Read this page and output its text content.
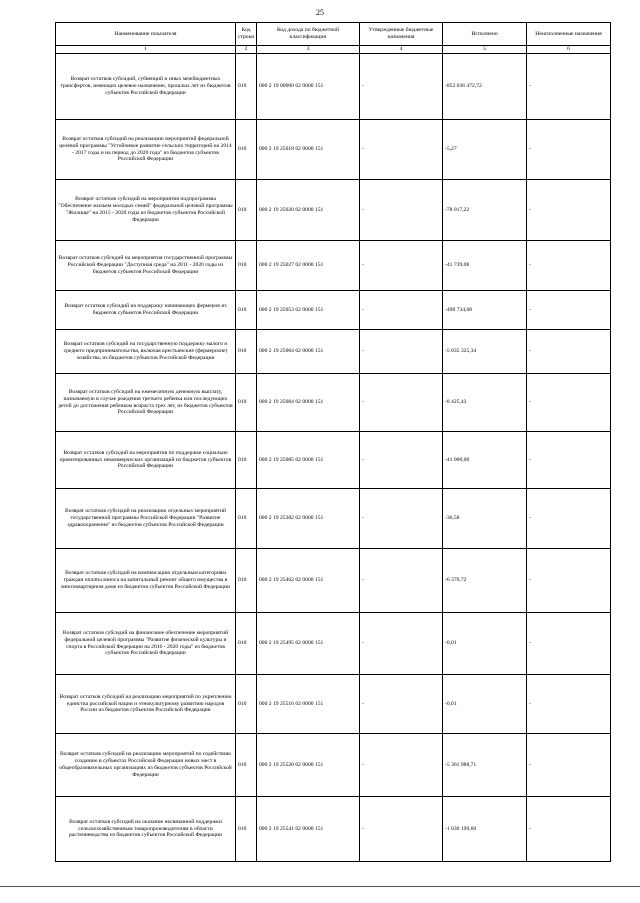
25
Наименование показателя	Код строки	Код дохода по бюджетной классификации	Утвержденные бюджетные назначения	Исполнено	Неисполненные назначения
1	2	3	4	5	6
Возврат остатков субсидий, субвенций и иных межбюджетных трансфертов, имеющих целевое назначение, прошлых лет из бюджетов субъектов Российской Федерации	010	000 2 19 00000 02 0000 151	-	-852 036 472,72	-
Возврат остатков субсидий на реализацию мероприятий федеральной целевой программы "Устойчивое развитие сельских территорий на 2014 - 2017 годы и на период до 2020 года" из бюджетов субъектов Российской Федерации	010	000 2 19 25018 02 0000 151	-	-5,27	-
Возврат остатков субсидий на мероприятия подпрограммы "Обеспечение жильем молодых семей" федеральной целевой программы "Жилище" на 2015 - 2020 годы из бюджетов субъектов Российской Федерации	010	000 2 19 25020 02 0000 151	-	-78 017,22	-
Возврат остатков субсидий на мероприятия государственной программы Российской Федерации "Доступная среда" на 2011 - 2020 годы из бюджетов субъектов Российской Федерации	010	000 2 19 25027 02 0000 151	-	-41 739,08	-
Возврат остатков субсидий на поддержку начинающих фермеров из бюджетов субъектов Российской Федерации	010	000 2 19 25053 02 0000 151	-	-490 734,68	-
Возврат остатков субсидий на государственную поддержку малого и среднего предпринимательства, включая крестьянские (фермерские) хозяйства, из бюджетов субъектов Российской Федерации	010	000 2 19 25064 02 0000 151	-	-5 035 325,34	-
Возврат остатков субсидий на ежемесячную денежную выплату, назначаемую в случае рождения третьего ребенка или последующих детей до достижения ребенком возраста трех лет, из бюджетов субъектов Российской Федерации	010	000 2 19 25084 02 0000 151	-	-8 425,43	-
Возврат остатков субсидий на мероприятия по поддержке социально ориентированных некоммерческих организаций из бюджетов субъектов Российской Федерации	010	000 2 19 25085 02 0000 151	-	-41 000,00	-
Возврат остатков субсидий на реализацию отдельных мероприятий государственной программы Российской Федерации "Развитие здравоохранения" из бюджетов субъектов Российской Федерации	010	000 2 19 25382 02 0000 151	-	-36,58	-
Возврат остатков субсидий на компенсацию отдельным категориям граждан оплаты взноса на капитальный ремонт общего имущества в многоквартирном доме из бюджетов субъектов Российской Федерации	010	000 2 19 25462 02 0000 151	-	-6 370,72	-
Возврат остатков субсидий на финансовое обеспечение мероприятий федеральной целевой программы "Развитие физической культуры и спорта в Российской Федерации на 2016 - 2020 годы" из бюджетов субъектов Российской Федерации	010	000 2 19 25495 02 0000 151	-	-0,01	-
Возврат остатков субсидий на реализацию мероприятий по укреплению единства российской нации и этнокультурному развитию народов России из бюджетов субъектов Российской Федерации	010	000 2 19 25516 02 0000 151	-	-0,01	-
Возврат остатков субсидий на реализацию мероприятий по содействию созданию в субъектах Российской Федерации новых мест в общеобразовательных организациях из бюджетов субъектов Российской Федерации	010	000 2 19 25520 02 0000 151	-	-5 361 988,71	-
Возврат остатков субсидий на оказание несвязанной поддержки сельскохозяйственным товаропроизводителям в области растениеводства из бюджетов субъектов Российской Федерации	010	000 2 19 25541 02 0000 151	-	-1 030 199,60	-
